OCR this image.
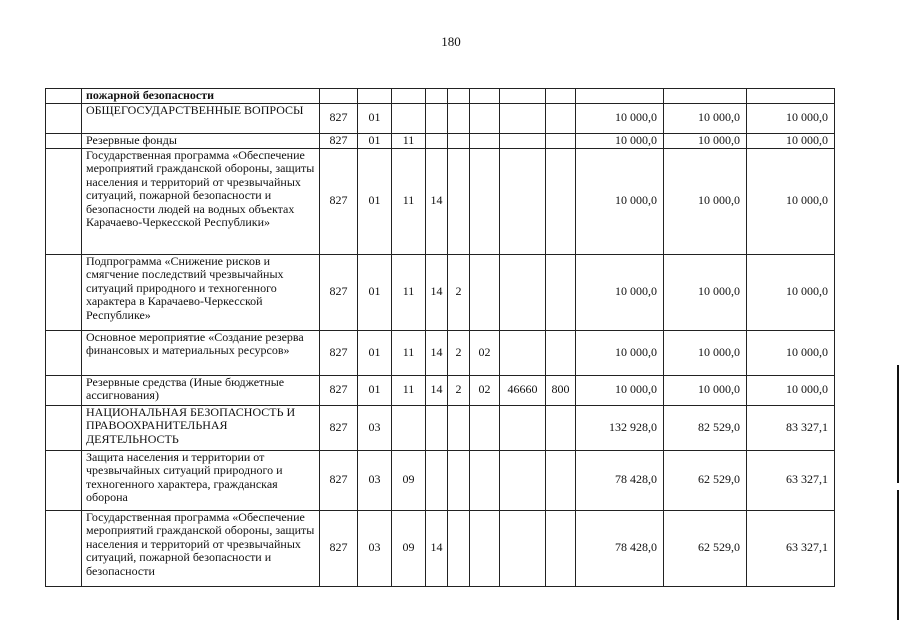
180
	пожарной безопасности											
	ОБЩЕГОСУДАРСТВЕННЫЕ ВОПРОСЫ	827	01							10 000,0	10 000,0	10 000,0
	Резервные фонды	827	01	11						10 000,0	10 000,0	10 000,0
	Государственная программа «Обеспечение мероприятий гражданской обороны, защиты населения и территорий от чрезвычайных ситуаций, пожарной безопасности и безопасности людей на водных объектах Карачаево-Черкесской Республики»	827	01	11	14					10 000,0	10 000,0	10 000,0
	Подпрограмма «Снижение рисков и смягчение последствий чрезвычайных ситуаций природного и техногенного характера в Карачаево-Черкесской Республике»	827	01	11	14	2				10 000,0	10 000,0	10 000,0
	Основное мероприятие «Создание резерва финансовых и материальных ресурсов»	827	01	11	14	2	02			10 000,0	10 000,0	10 000,0
	Резервные средства (Иные бюджетные ассигнования)	827	01	11	14	2	02	46660	800	10 000,0	10 000,0	10 000,0
	НАЦИОНАЛЬНАЯ БЕЗОПАСНОСТЬ И ПРАВООХРАНИТЕЛЬНАЯ ДЕЯТЕЛЬНОСТЬ	827	03							132 928,0	82 529,0	83 327,1
	Защита населения и территории от чрезвычайных ситуаций природного и техногенного характера, гражданская оборона	827	03	09						78 428,0	62 529,0	63 327,1
	Государственная программа «Обеспечение мероприятий гражданской обороны, защиты населения и территорий от чрезвычайных ситуаций, пожарной безопасности и безопасности	827	03	09	14					78 428,0	62 529,0	63 327,1
